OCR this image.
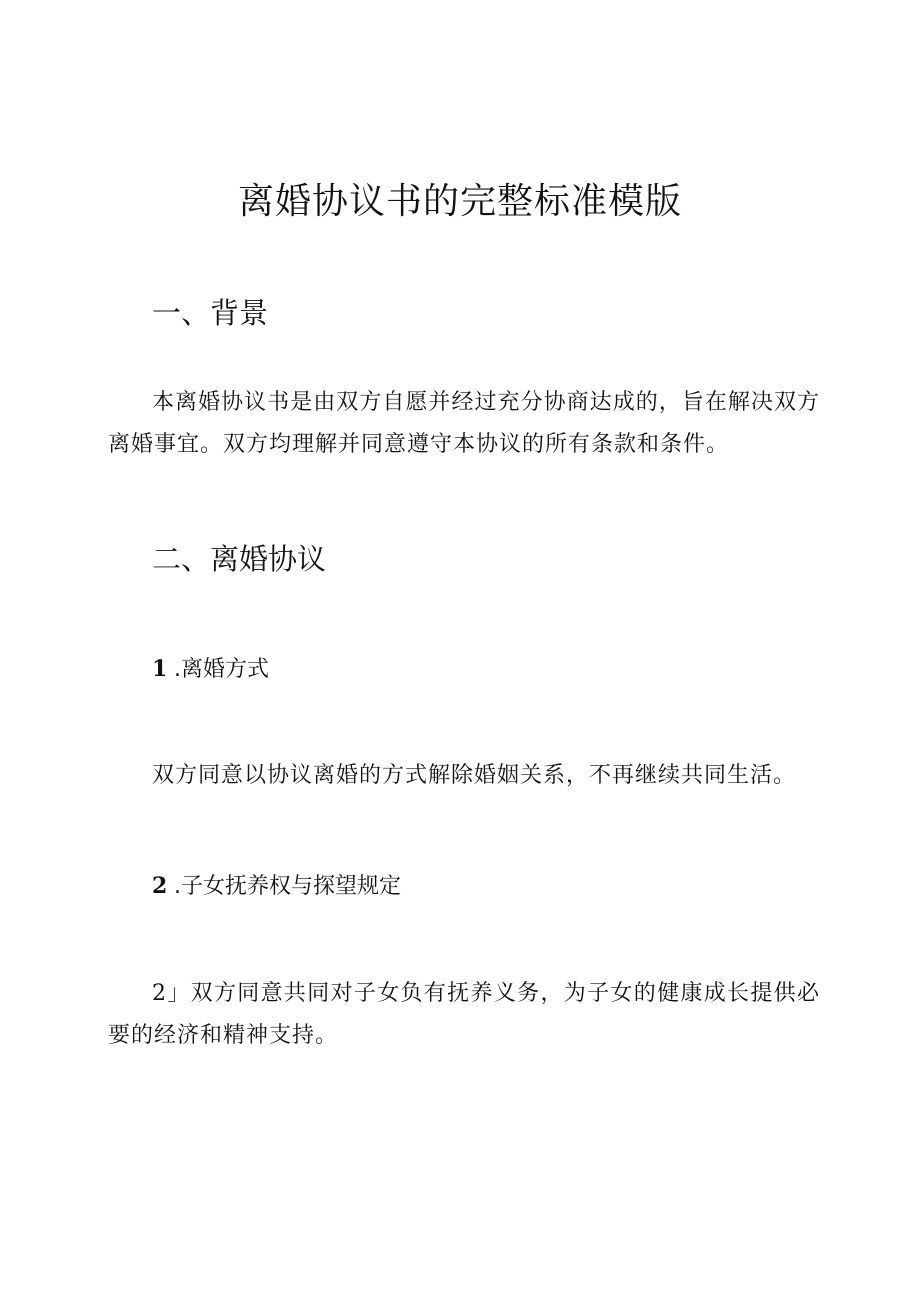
离婚协议书的完整标准模版
一、背景

本离婚协议书是由双方自愿并经过充分协商达成的，旨在解决双方离婚事宜。双方均理解并同意遵守本协议的所有条款和条件。

二、离婚协议
1 .离婚方式

双方同意以协议离婚的方式解除婚姻关系，不再继续共同生活。

2 .子女抚养权与探望规定

2」双方同意共同对子女负有抚养义务，为子女的健康成长提供必要的经济和精神支持。
